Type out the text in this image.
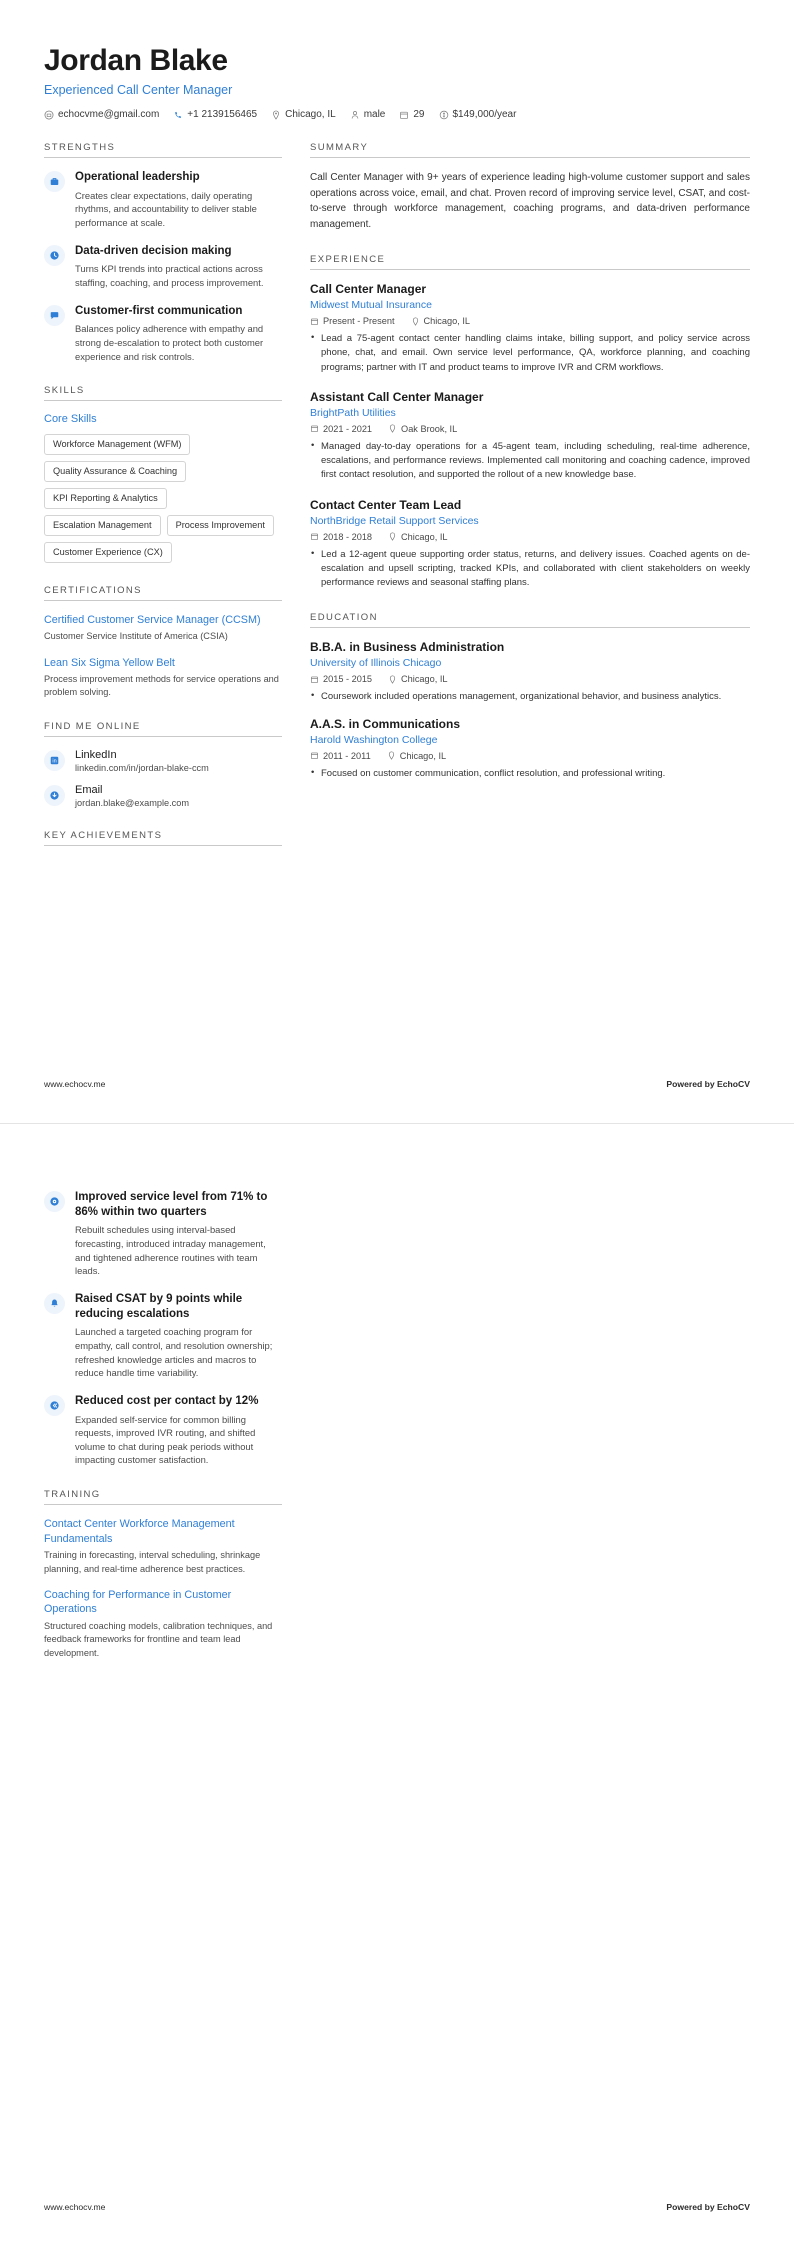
Jordan Blake
Experienced Call Center Manager
echocvme@gmail.com	+1 2139156465	Chicago, IL	male	29	$149,000/year
STRENGTHS
Operational leadership
Creates clear expectations, daily operating rhythms, and accountability to deliver stable performance at scale.
Data-driven decision making
Turns KPI trends into practical actions across staffing, coaching, and process improvement.
Customer-first communication
Balances policy adherence with empathy and strong de-escalation to protect both customer experience and risk controls.
SKILLS
Core Skills
Workforce Management (WFM)
Quality Assurance & Coaching
KPI Reporting & Analytics
Escalation Management	Process Improvement
Customer Experience (CX)
CERTIFICATIONS
Certified Customer Service Manager (CCSM)
Customer Service Institute of America (CSIA)
Lean Six Sigma Yellow Belt
Process improvement methods for service operations and problem solving.
FIND ME ONLINE
in
LinkedIn
linkedin.com/in/jordan-blake-ccm
Email
jordan.blake@example.com
KEY ACHIEVEMENTS
SUMMARY
Call Center Manager with 9+ years of experience leading high-volume customer support and sales operations across voice, email, and chat. Proven record of improving service level, CSAT, and cost-to-serve through workforce management, coaching programs, and data-driven performance management.
EXPERIENCE
Call Center Manager
Midwest Mutual Insurance
Present - Present	Chicago, IL
• Lead a 75-agent contact center handling claims intake, billing support, and policy service across phone, chat, and email. Own service level performance, QA, workforce planning, and coaching programs; partner with IT and product teams to improve IVR and CRM workflows.
Assistant Call Center Manager
BrightPath Utilities
2021 - 2021	Oak Brook, IL
• Managed day-to-day operations for a 45-agent team, including scheduling, real-time adherence, escalations, and performance reviews. Implemented call monitoring and coaching cadence, improved first contact resolution, and supported the rollout of a new knowledge base.
Contact Center Team Lead
NorthBridge Retail Support Services
2018 - 2018	Chicago, IL
• Led a 12-agent queue supporting order status, returns, and delivery issues. Coached agents on de-escalation and upsell scripting, tracked KPIs, and collaborated with client stakeholders on weekly performance reviews and seasonal staffing plans.
EDUCATION
B.B.A. in Business Administration
University of Illinois Chicago
2015 - 2015	Chicago, IL
• Coursework included operations management, organizational behavior, and business analytics.
A.A.S. in Communications
Harold Washington College
2011 - 2011	Chicago, IL
• Focused on customer communication, conflict resolution, and professional writing.
www.echocv.me	Powered by EchoCV
Improved service level from 71% to 86% within two quarters
Rebuilt schedules using interval-based forecasting, introduced intraday management, and tightened adherence routines with team leads.
Raised CSAT by 9 points while reducing escalations
Launched a targeted coaching program for empathy, call control, and resolution ownership; refreshed knowledge articles and macros to reduce handle time variability.
Reduced cost per contact by 12%
Expanded self-service for common billing requests, improved IVR routing, and shifted volume to chat during peak periods without impacting customer satisfaction.
TRAINING
Contact Center Workforce Management Fundamentals
Training in forecasting, interval scheduling, shrinkage planning, and real-time adherence best practices.
Coaching for Performance in Customer Operations
Structured coaching models, calibration techniques, and feedback frameworks for frontline and team lead development.
www.echocv.me	Powered by EchoCV
